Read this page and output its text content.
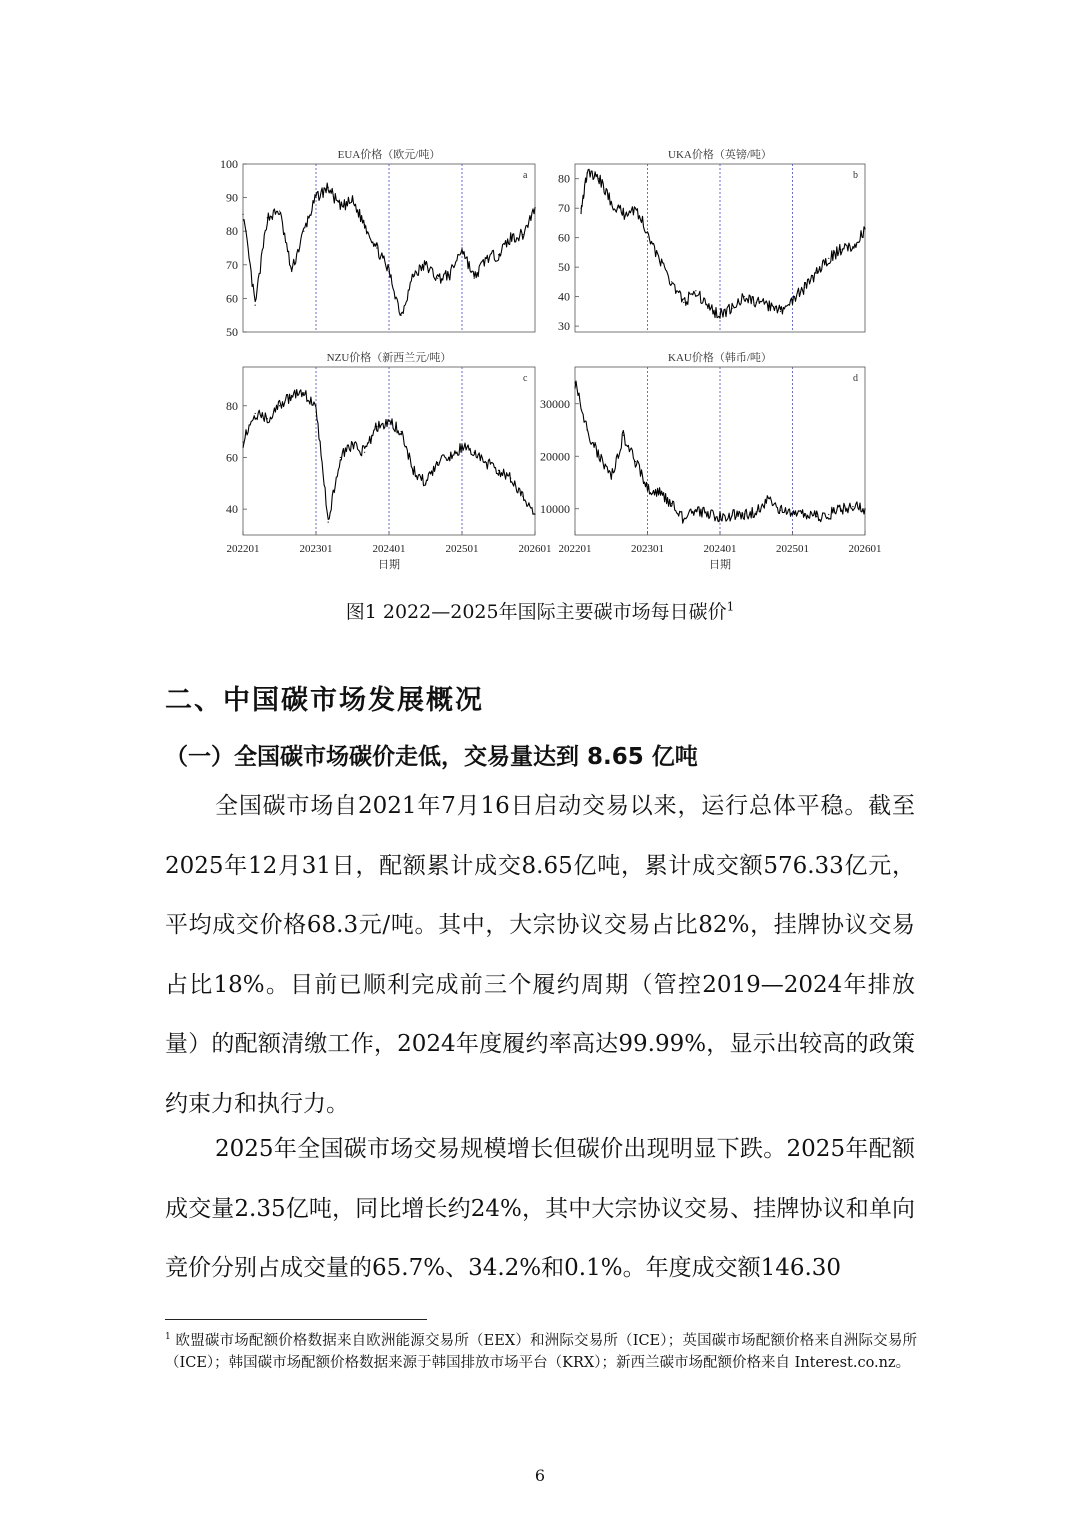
EUA价格（欧元/吨）
a
50
60
70
80
90
100
UKA价格（英镑/吨）
b
30
40
50
60
70
80
NZU价格（新西兰元/吨）
c
40
60
80
KAU价格（韩币/吨）
d
10000
20000
30000
202201	202301	202401	202501	202601
日期
202201	202301	202401	202501	202601
日期
图1 2022—2025年国际主要碳市场每日碳价$^1$
二、中国碳市场发展概况
（一）全国碳市场碳价走低，交易量达到 8.65 亿吨

全国碳市场自2021年7月16日启动交易以来，运行总体平稳。截至2025年12月31日，配额累计成交8.65亿吨，累计成交额576.33亿元，平均成交价格68.3元/吨。其中，大宗协议交易占比82%，挂牌协议交易占比18%。目前已顺利完成前三个履约周期（管控2019—2024年排放量）的配额清缴工作，2024年度履约率高达99.99%，显示出较高的政策约束力和执行力。

2025年全国碳市场交易规模增长但碳价出现明显下跌。2025年配额成交量2.35亿吨，同比增长约24%，其中大宗协议交易、挂牌协议和单向竞价分别占成交量的65.7%、34.2%和0.1%。年度成交额146.30

$^1$ 欧盟碳市场配额价格数据来自欧洲能源交易所（EEX）和洲际交易所（ICE）；英国碳市场配额价格来自洲际交易所（ICE）；韩国碳市场配额价格数据来源于韩国排放市场平台（KRX）；新西兰碳市场配额价格来自 Interest.co.nz。

6
